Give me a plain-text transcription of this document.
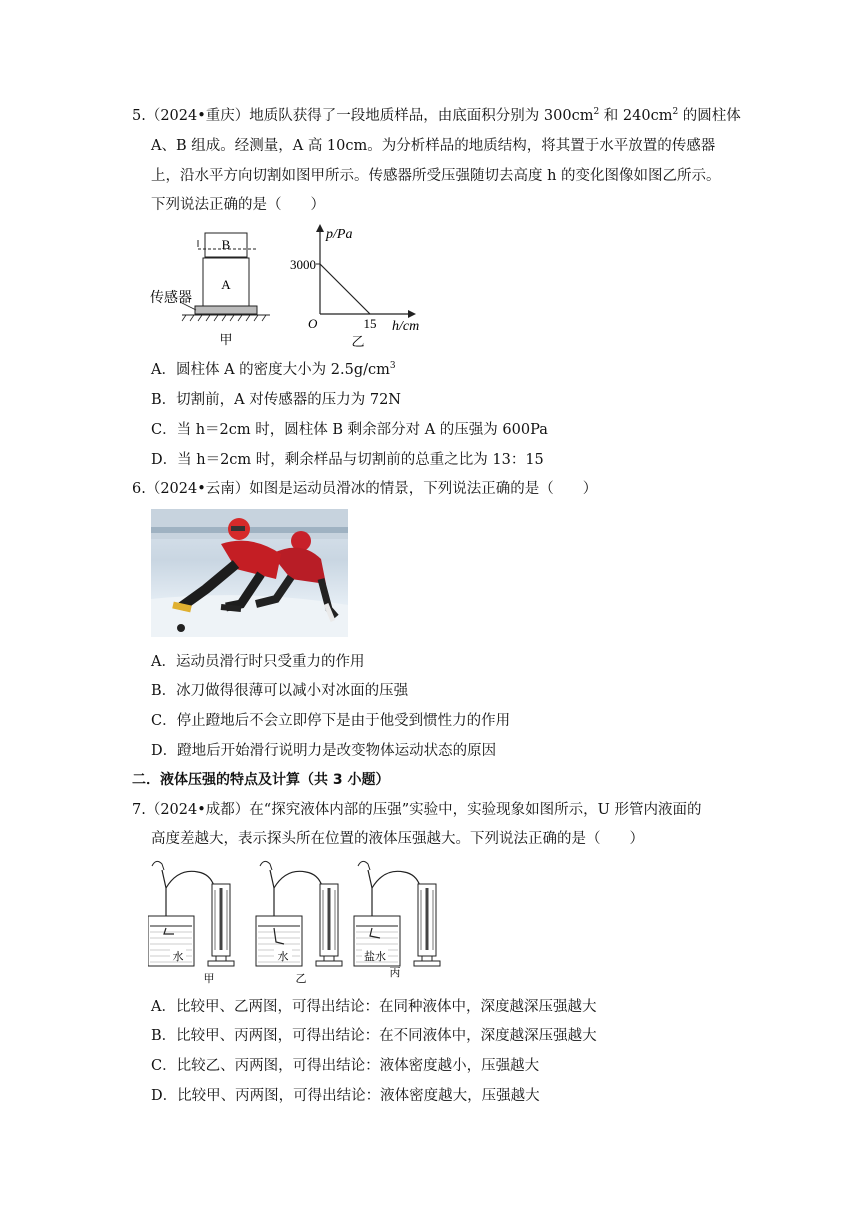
5.（2024•重庆）地质队获得了一段地质样品，由底面积分别为 $300cm^2$ 和 $240cm^2$ 的圆柱体
A、B 组成。经测量，A 高 10cm。为分析样品的地质结构，将其置于水平放置的传感器
上，沿水平方向切割如图甲所示。传感器所受压强随切去高度 h 的变化图像如图乙所示。
下列说法正确的是（　　）
B
A
传感器
甲
p/Pa
3000
O	15 h/cm
乙
A．圆柱体 A 的密度大小为 $2.5g/cm^3$
B．切割前，A 对传感器的压力为 72N
C．当 h＝2cm 时，圆柱体 B 剩余部分对 A 的压强为 600Pa
D．当 h＝2cm 时，剩余样品与切割前的总重之比为 13：15
6.（2024•云南）如图是运动员滑冰的情景，下列说法正确的是（　　）
A．运动员滑行时只受重力的作用
B．冰刀做得很薄可以减小对冰面的压强
C．停止蹬地后不会立即停下是由于他受到惯性力的作用
D．蹬地后开始滑行说明力是改变物体运动状态的原因
二．液体压强的特点及计算（共 3 小题）
7.（2024•成都）在“探究液体内部的压强”实验中，实验现象如图所示，U 形管内液面的
高度差越大，表示探头所在位置的液体压强越大。下列说法正确的是（　　）
水
甲
水
乙
盐水
丙
A．比较甲、乙两图，可得出结论：在同种液体中，深度越深压强越大
B．比较甲、丙两图，可得出结论：在不同液体中，深度越深压强越大
C．比较乙、丙两图，可得出结论：液体密度越小，压强越大
D．比较甲、丙两图，可得出结论：液体密度越大，压强越大
